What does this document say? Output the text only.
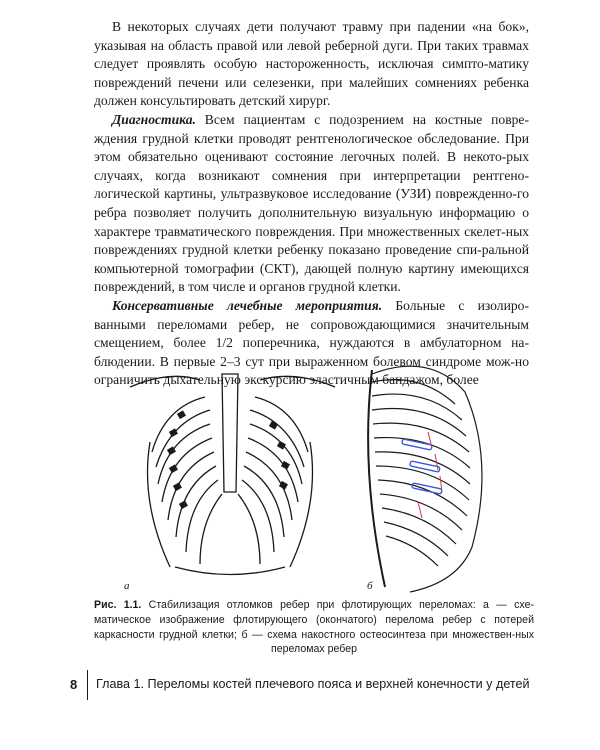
В некоторых случаях дети получают травму при падении «на бок», указывая на область правой или левой реберной дуги. При таких травмах следует проявлять особую настороженность, исключая симпто-матику повреждений печени или селезенки, при малейших сомнениях ребенка должен консультировать детский хирург.

Диагностика. Всем пациентам с подозрением на костные повре-ждения грудной клетки проводят рентгенологическое обследование. При этом обязательно оценивают состояние легочных полей. В некото-рых случаях, когда возникают сомнения при интерпретации рентгено-логической картины, ультразвуковое исследование (УЗИ) поврежденно-го ребра позволяет получить дополнительную визуальную информацию о характере травматического повреждения. При множественных скелет-ных повреждениях грудной клетки ребенку показано проведение спи-ральной компьютерной томографии (СКТ), дающей полную картину имеющихся повреждений, в том числе и органов грудной клетки.

Консервативные лечебные мероприятия. Больные с изолиро-ванными переломами ребер, не сопровождающимися значительным смещением, более 1/2 поперечника, нуждаются в амбулаторном на-блюдении. В первые 2–3 сут при выраженном болевом синдроме мож-но ограничить дыхательную экскурсию эластичным бандажом, более

а	б
Рис. 1.1. Стабилизация отломков ребер при флотирующих переломах: а — схе-матическое изображение флотирующего (окончатого) перелома ребер с потерей каркасности грудной клетки; б — схема накостного остеосинтеза при множествен-ных переломах ребер
8 Глава 1. Переломы костей плечевого пояса и верхней конечности у детей
